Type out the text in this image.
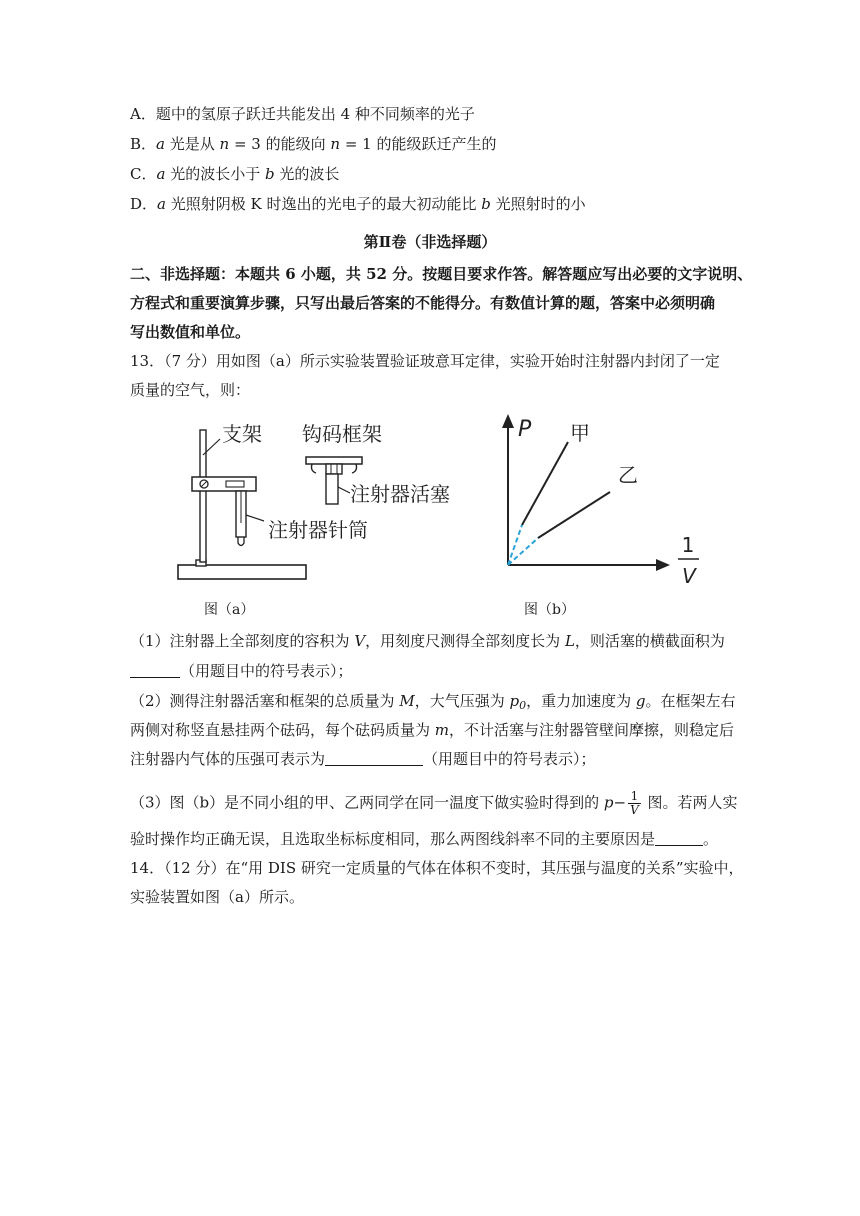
A．题中的氢原子跃迁共能发出 4 种不同频率的光子
B．a 光是从 n = 3 的能级向 n = 1 的能级跃迁产生的
C．a 光的波长小于 b 光的波长
D．a 光照射阴极 K 时逸出的光电子的最大初动能比 b 光照射时的小
第Ⅱ卷（非选择题）
二、非选择题：本题共 6 小题，共 52 分。按题目要求作答。解答题应写出必要的文字说明、
方程式和重要演算步骤，只写出最后答案的不能得分。有数值计算的题，答案中必须明确
写出数值和单位。
13．（7 分）用如图（a）所示实验装置验证玻意耳定律，实验开始时注射器内封闭了一定
质量的空气，则：
支架 钩码框架
注射器活塞
注射器针筒
图（a）
P 甲
乙
1
V
图（b）
（1）注射器上全部刻度的容积为 V，用刻度尺测得全部刻度长为 L，则活塞的横截面积为
（用题目中的符号表示）；
（2）测得注射器活塞和框架的总质量为 M，大气压强为 $p_0$，重力加速度为 g。在框架左右
两侧对称竖直悬挂两个砝码，每个砝码质量为 m，不计活塞与注射器管壁间摩擦，则稳定后
注射器内气体的压强可表示为	（用题目中的符号表示）；
（3）图（b）是不同小组的甲、乙两同学在同一温度下做实验时得到的 $p- \frac{1}{V}$ 图。若两人实
验时操作均正确无误，且选取坐标标度相同，那么两图线斜率不同的主要原因是	。
14．（12 分）在“用 DIS 研究一定质量的气体在体积不变时，其压强与温度的关系”实验中，
实验装置如图（a）所示。
